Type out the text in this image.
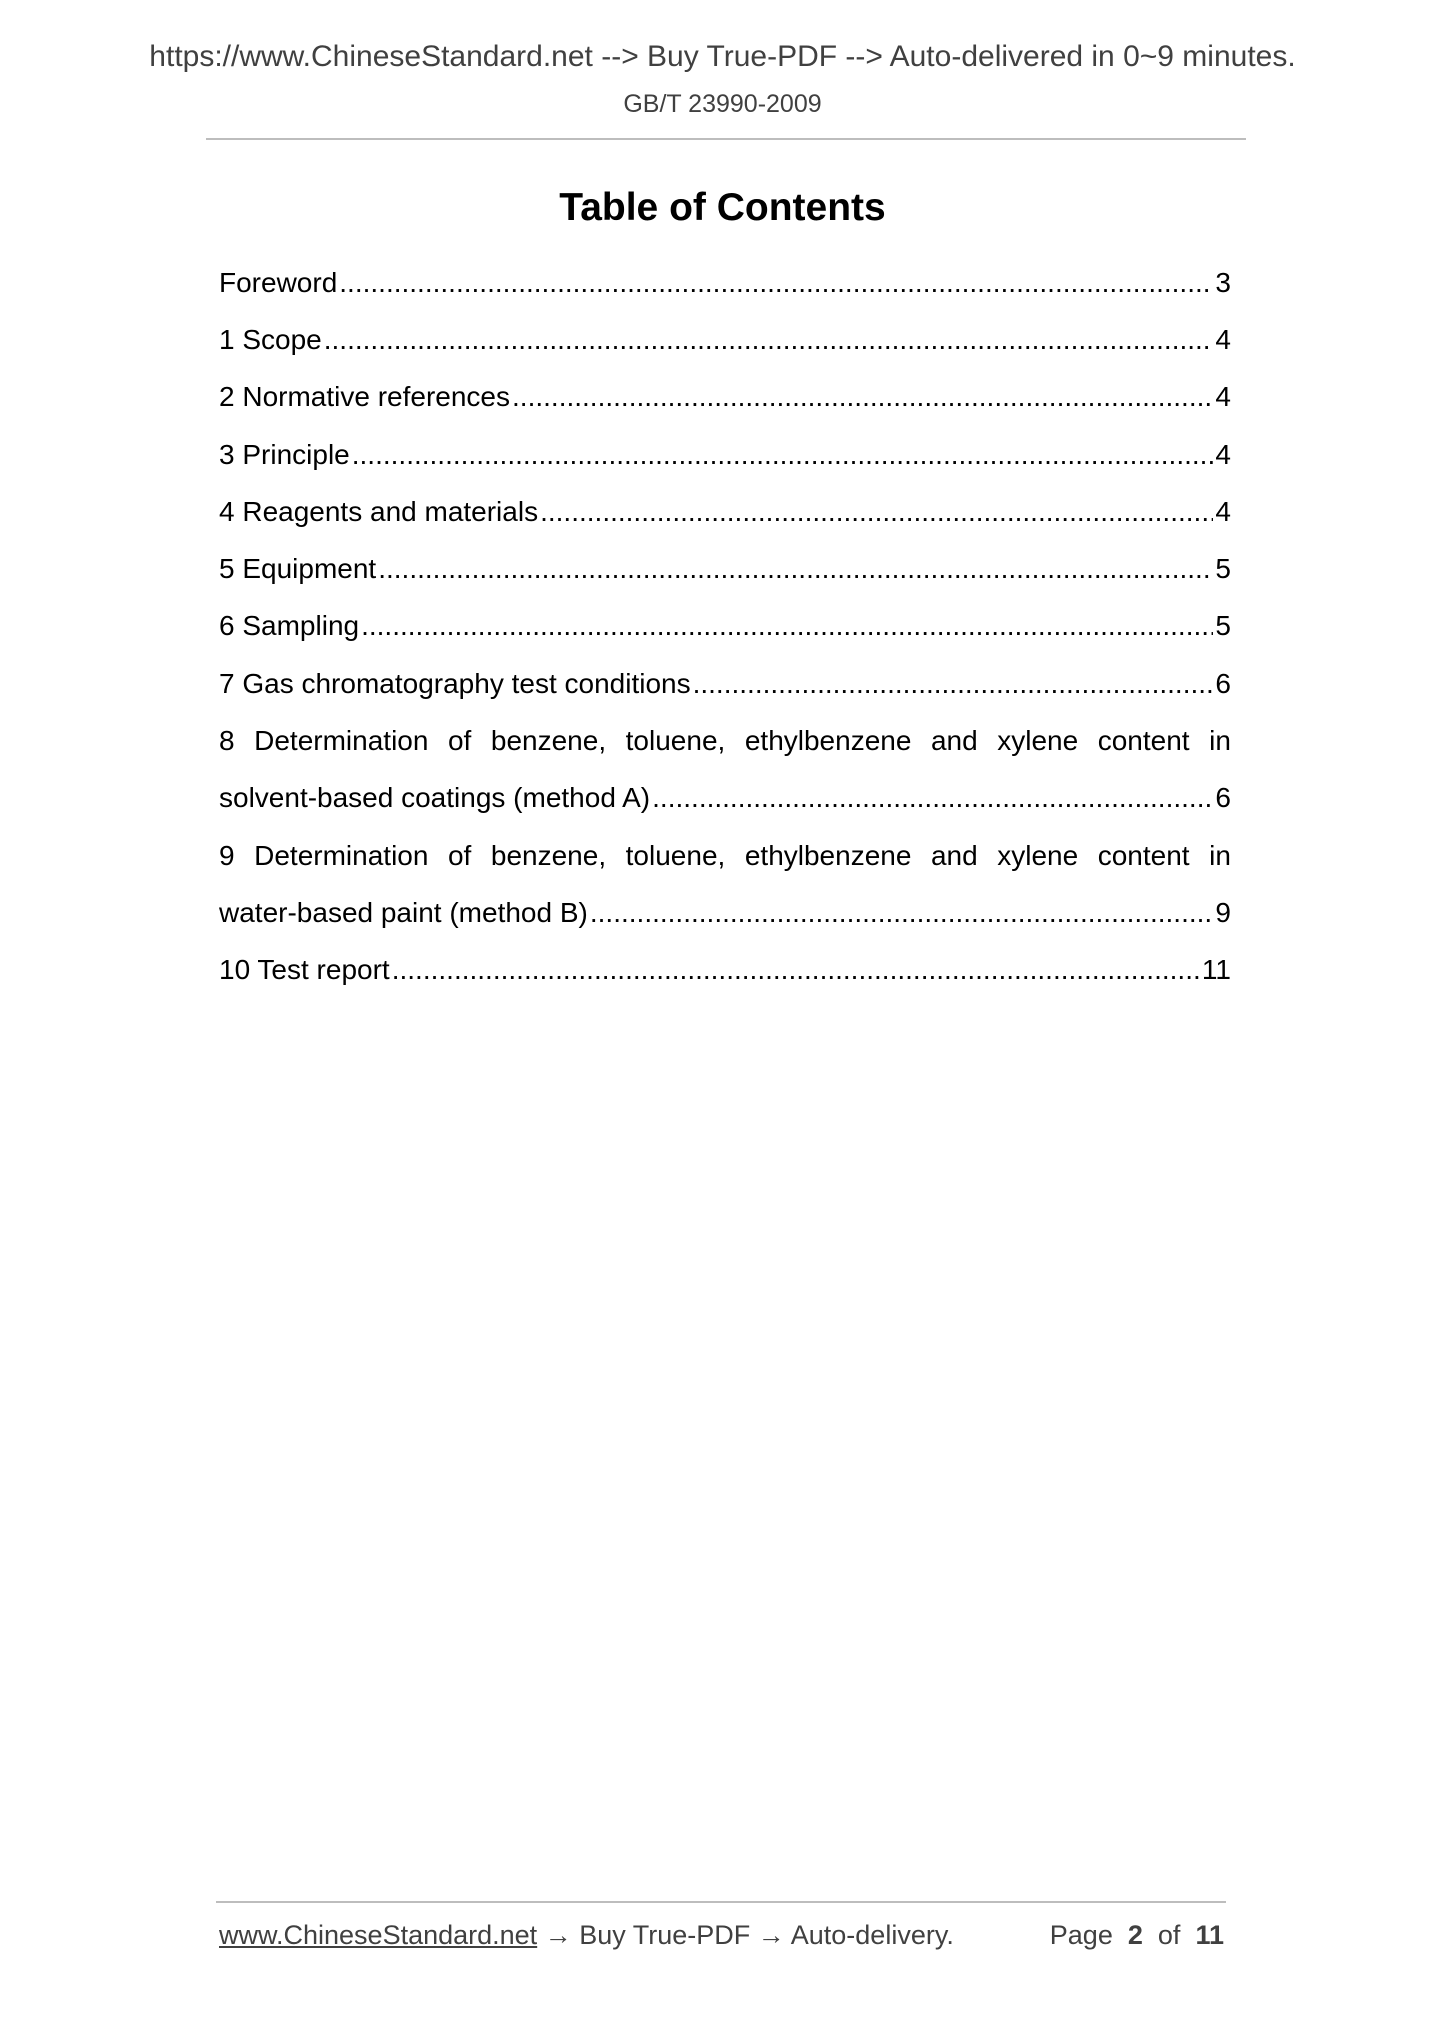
https://www.ChineseStandard.net --> Buy True-PDF --> Auto-delivered in 0~9 minutes.
GB/T 23990-2009
Table of Contents
Foreword .....	3
1 Scope .....	4
2 Normative references .....	4
3 Principle .....	4
4 Reagents and materials .....	4
5 Equipment .....	5
6 Sampling .....	5
7 Gas chromatography test conditions .....	6
8 Determination of benzene, toluene, ethylbenzene and xylene content in
solvent-based coatings (method A) .....	6
9 Determination of benzene, toluene, ethylbenzene and xylene content in
water-based paint (method B) .....	9
10 Test report .....	11
www.ChineseStandard.net → Buy True-PDF → Auto-delivery.	Page 2 of 11
